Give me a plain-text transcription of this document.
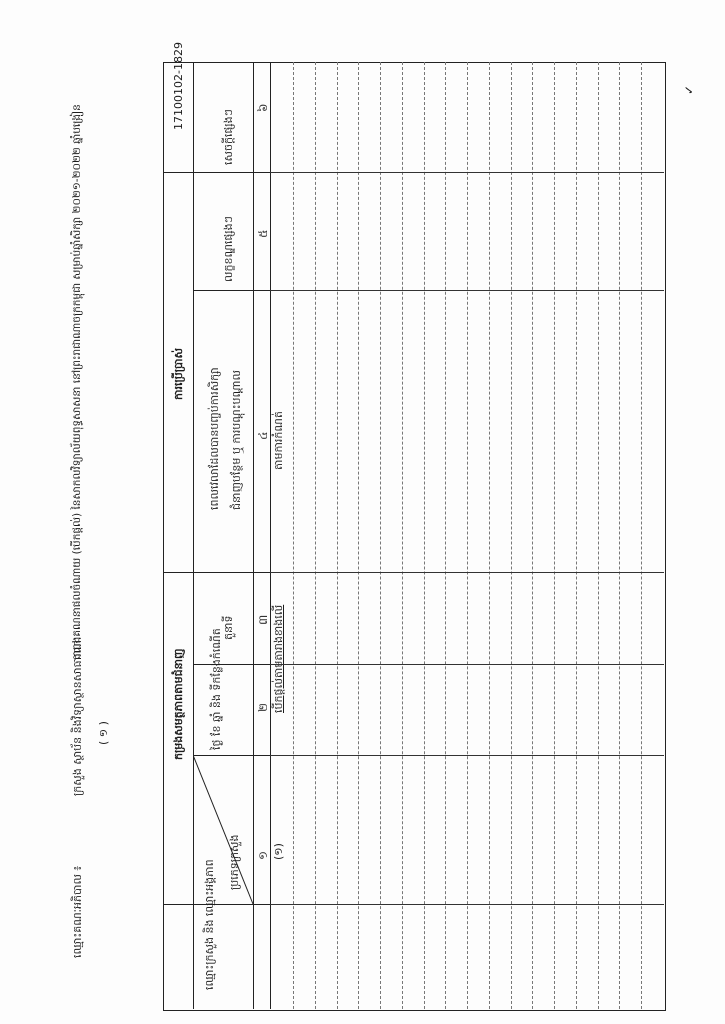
ឈ្មោះគណៈអភិបាល ៖
ក្រសួង ស្ថាប័ន និងវិទ្យាស្ថានសាធារណៈ ( ១ )
តារាងគណនាផលចំណាយ (បើកផ្តល់) នៃសាកលវិទ្យាល័យពុទ្ធសាសនា នៅព្រះរាជាណាចក្រកម្ពុជា សម្រាប់ឆ្នាំសិក្សា ២០២១-២០២២ ឆ្នាំបង្រៀន
✓
ឈ្មោះក្រសួង និង ឈ្មោះអង្គភាព
កម្រងសមត្ថភាពតាមជំនាញ
ប្រភេទក្រសួង
ថ្ងៃ ខែ ឆ្នាំ និង ទីកន្លែងកំណើត
តួនាទី
ការប្រើប្រាស់ ពេលវេលាដែលបានបញ្ចប់ការសិក្សា ជំនាញបន្ថែម ឬ ការបណ្តុះបណ្តាល
លក្ខខណ្ឌផ្សេងៗ
សេចក្តីផ្សេងៗ
១
២
៣
៤
៥
៦
(១)
បើកផ្តល់តាមតារាងខាងលើ
តាមការកំណត់
17100102-1829
